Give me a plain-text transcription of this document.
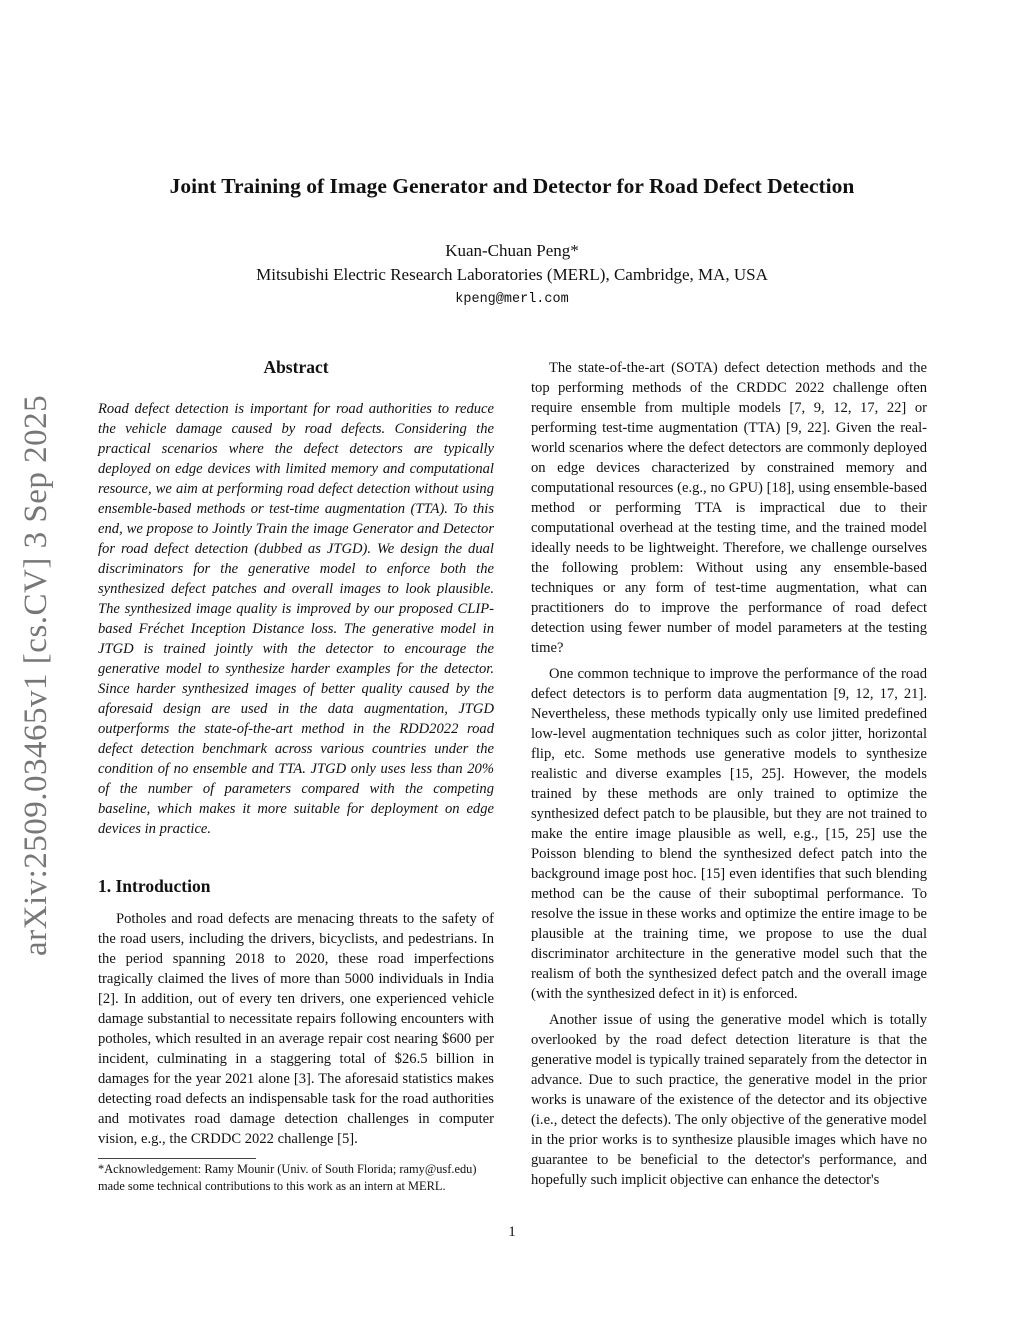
Joint Training of Image Generator and Detector for Road Defect Detection
Kuan-Chuan Peng*
Mitsubishi Electric Research Laboratories (MERL), Cambridge, MA, USA
kpeng@merl.com
arXiv:2509.03465v1 [cs.CV] 3 Sep 2025
Abstract

Road defect detection is important for road authorities to reduce the vehicle damage caused by road defects. Considering the practical scenarios where the defect detectors are typically deployed on edge devices with limited memory and computational resource, we aim at performing road defect detection without using ensemble-based methods or test-time augmentation (TTA). To this end, we propose to Jointly Train the image Generator and Detector for road defect detection (dubbed as JTGD). We design the dual discriminators for the generative model to enforce both the synthesized defect patches and overall images to look plausible. The synthesized image quality is improved by our proposed CLIP-based Fréchet Inception Distance loss. The generative model in JTGD is trained jointly with the detector to encourage the generative model to synthesize harder examples for the detector. Since harder synthesized images of better quality caused by the aforesaid design are used in the data augmentation, JTGD outperforms the state-of-the-art method in the RDD2022 road defect detection benchmark across various countries under the condition of no ensemble and TTA. JTGD only uses less than 20% of the number of parameters compared with the competing baseline, which makes it more suitable for deployment on edge devices in practice.

1. Introduction

Potholes and road defects are menacing threats to the safety of the road users, including the drivers, bicyclists, and pedestrians. In the period spanning 2018 to 2020, these road imperfections tragically claimed the lives of more than 5000 individuals in India [2]. In addition, out of every ten drivers, one experienced vehicle damage substantial to necessitate repairs following encounters with potholes, which resulted in an average repair cost nearing $600 per incident, culminating in a staggering total of $26.5 billion in damages for the year 2021 alone [3]. The aforesaid statistics makes detecting road defects an indispensable task for the road authorities and motivates road damage detection challenges in computer vision, e.g., the CRDDC 2022 challenge [5].

*Acknowledgement: Ramy Mounir (Univ. of South Florida; ramy@usf.edu) made some technical contributions to this work as an intern at MERL.

The state-of-the-art (SOTA) defect detection methods and the top performing methods of the CRDDC 2022 challenge often require ensemble from multiple models [7, 9, 12, 17, 22] or performing test-time augmentation (TTA) [9, 22]. Given the real-world scenarios where the defect detectors are commonly deployed on edge devices characterized by constrained memory and computational resources (e.g., no GPU) [18], using ensemble-based method or performing TTA is impractical due to their computational overhead at the testing time, and the trained model ideally needs to be lightweight. Therefore, we challenge ourselves the following problem: Without using any ensemble-based techniques or any form of test-time augmentation, what can practitioners do to improve the performance of road defect detection using fewer number of model parameters at the testing time?

One common technique to improve the performance of the road defect detectors is to perform data augmentation [9, 12, 17, 21]. Nevertheless, these methods typically only use limited predefined low-level augmentation techniques such as color jitter, horizontal flip, etc. Some methods use generative models to synthesize realistic and diverse examples [15, 25]. However, the models trained by these methods are only trained to optimize the synthesized defect patch to be plausible, but they are not trained to make the entire image plausible as well, e.g., [15, 25] use the Poisson blending to blend the synthesized defect patch into the background image post hoc. [15] even identifies that such blending method can be the cause of their suboptimal performance. To resolve the issue in these works and optimize the entire image to be plausible at the training time, we propose to use the dual discriminator architecture in the generative model such that the realism of both the synthesized defect patch and the overall image (with the synthesized defect in it) is enforced.

Another issue of using the generative model which is totally overlooked by the road defect detection literature is that the generative model is typically trained separately from the detector in advance. Due to such practice, the generative model in the prior works is unaware of the existence of the detector and its objective (i.e., detect the defects). The only objective of the generative model in the prior works is to synthesize plausible images which have no guarantee to be beneficial to the detector's performance, and hopefully such implicit objective can enhance the detector's

1
